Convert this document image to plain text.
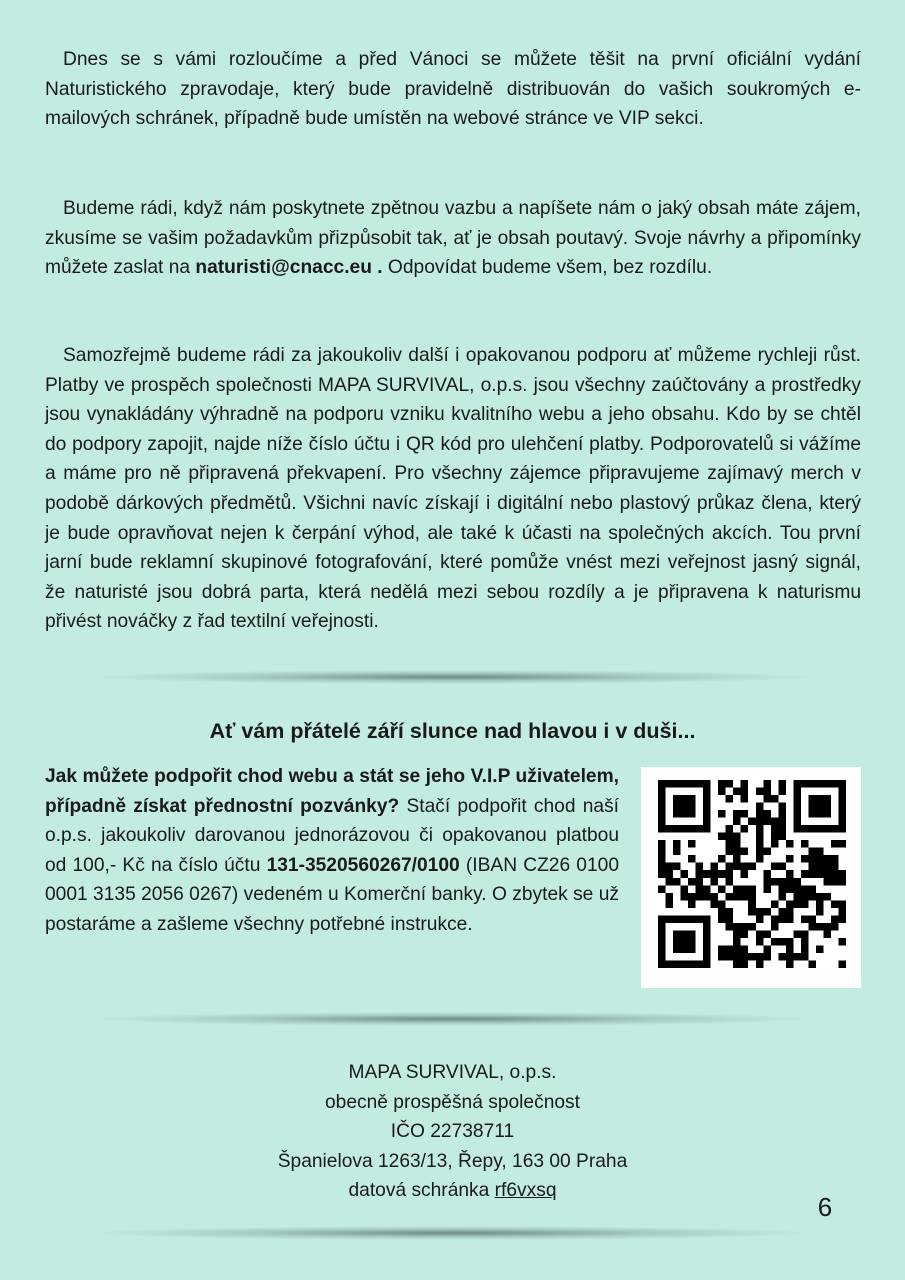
Dnes se s vámi rozloučíme a před Vánoci se můžete těšit na první oficiální vydání Naturistického zpravodaje, který bude pravidelně distribuován do vašich soukromých e-mailových schránek, případně bude umístěn na webové stránce ve VIP sekci.

Budeme rádi, když nám poskytnete zpětnou vazbu a napíšete nám o jaký obsah máte zájem, zkusíme se vašim požadavkům přizpůsobit tak, ať je obsah poutavý. Svoje návrhy a připomínky můžete zaslat na naturisti@cnacc.eu . Odpovídat budeme všem, bez rozdílu.

Samozřejmě budeme rádi za jakoukoliv další i opakovanou podporu ať můžeme rychleji růst. Platby ve prospěch společnosti MAPA SURVIVAL, o.p.s. jsou všechny zaúčtovány a prostředky jsou vynakládány výhradně na podporu vzniku kvalitního webu a jeho obsahu. Kdo by se chtěl do podpory zapojit, najde níže číslo účtu i QR kód pro ulehčení platby. Podporovatelů si vážíme a máme pro ně připravená překvapení. Pro všechny zájemce připravujeme zajímavý merch v podobě dárkových předmětů. Všichni navíc získají i digitální nebo plastový průkaz člena, který je bude opravňovat nejen k čerpání výhod, ale také k účasti na společných akcích. Tou první jarní bude reklamní skupinové fotografování, které pomůže vnést mezi veřejnost jasný signál, že naturisté jsou dobrá parta, která nedělá mezi sebou rozdíly a je připravena k naturismu přivést nováčky z řad textilní veřejnosti.

Ať vám přátelé září slunce nad hlavou i v duši...

Jak můžete podpořit chod webu a stát se jeho V.I.P uživatelem, případně získat přednostní pozvánky? Stačí podpořit chod naší o.p.s. jakoukoliv darovanou jednorázovou či opakovanou platbou od 100,- Kč na číslo účtu 131-3520560267/0100 (IBAN CZ26 0100 0001 3135 2056 0267) vedeném u Komerční banky. O zbytek se už postaráme a zašleme všechny potřebné instrukce.

MAPA SURVIVAL, o.p.s.
obecně prospěšná společnost
IČO 22738711
Španielova 1263/13, Řepy, 163 00 Praha
datová schránka rf6vxsq
6
